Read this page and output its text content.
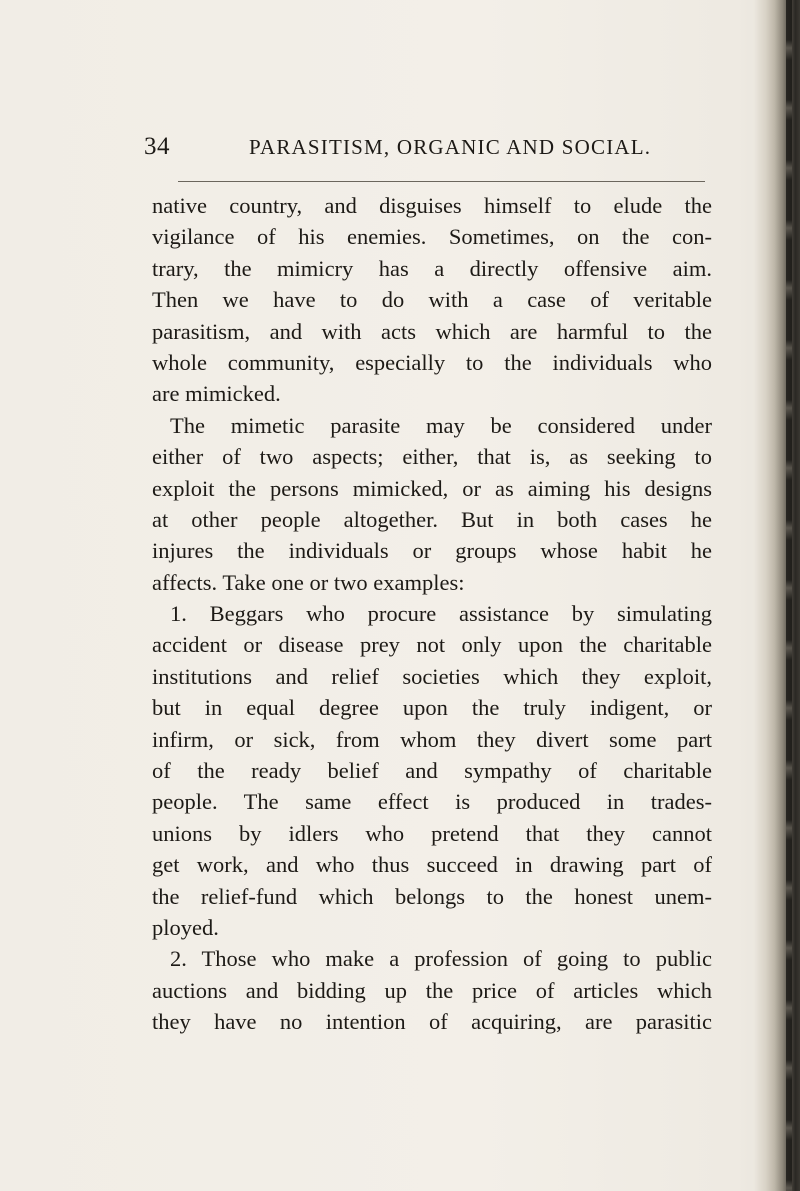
34	PARASITISM, ORGANIC AND SOCIAL.
native country, and disguises himself to elude the
vigilance of his enemies. Sometimes, on the con-
trary, the mimicry has a directly offensive aim.
Then we have to do with a case of veritable
parasitism, and with acts which are harmful to the
whole community, especially to the individuals who
are mimicked.
The mimetic parasite may be considered under
either of two aspects; either, that is, as seeking to
exploit the persons mimicked, or as aiming his designs
at other people altogether. But in both cases he
injures the individuals or groups whose habit he
affects. Take one or two examples:
1. Beggars who procure assistance by simulating
accident or disease prey not only upon the charitable
institutions and relief societies which they exploit,
but in equal degree upon the truly indigent, or
infirm, or sick, from whom they divert some part
of the ready belief and sympathy of charitable
people. The same effect is produced in trades-
unions by idlers who pretend that they cannot
get work, and who thus succeed in drawing part of
the relief-fund which belongs to the honest unem-
ployed.
2. Those who make a profession of going to public
auctions and bidding up the price of articles which
they have no intention of acquiring, are parasitic
